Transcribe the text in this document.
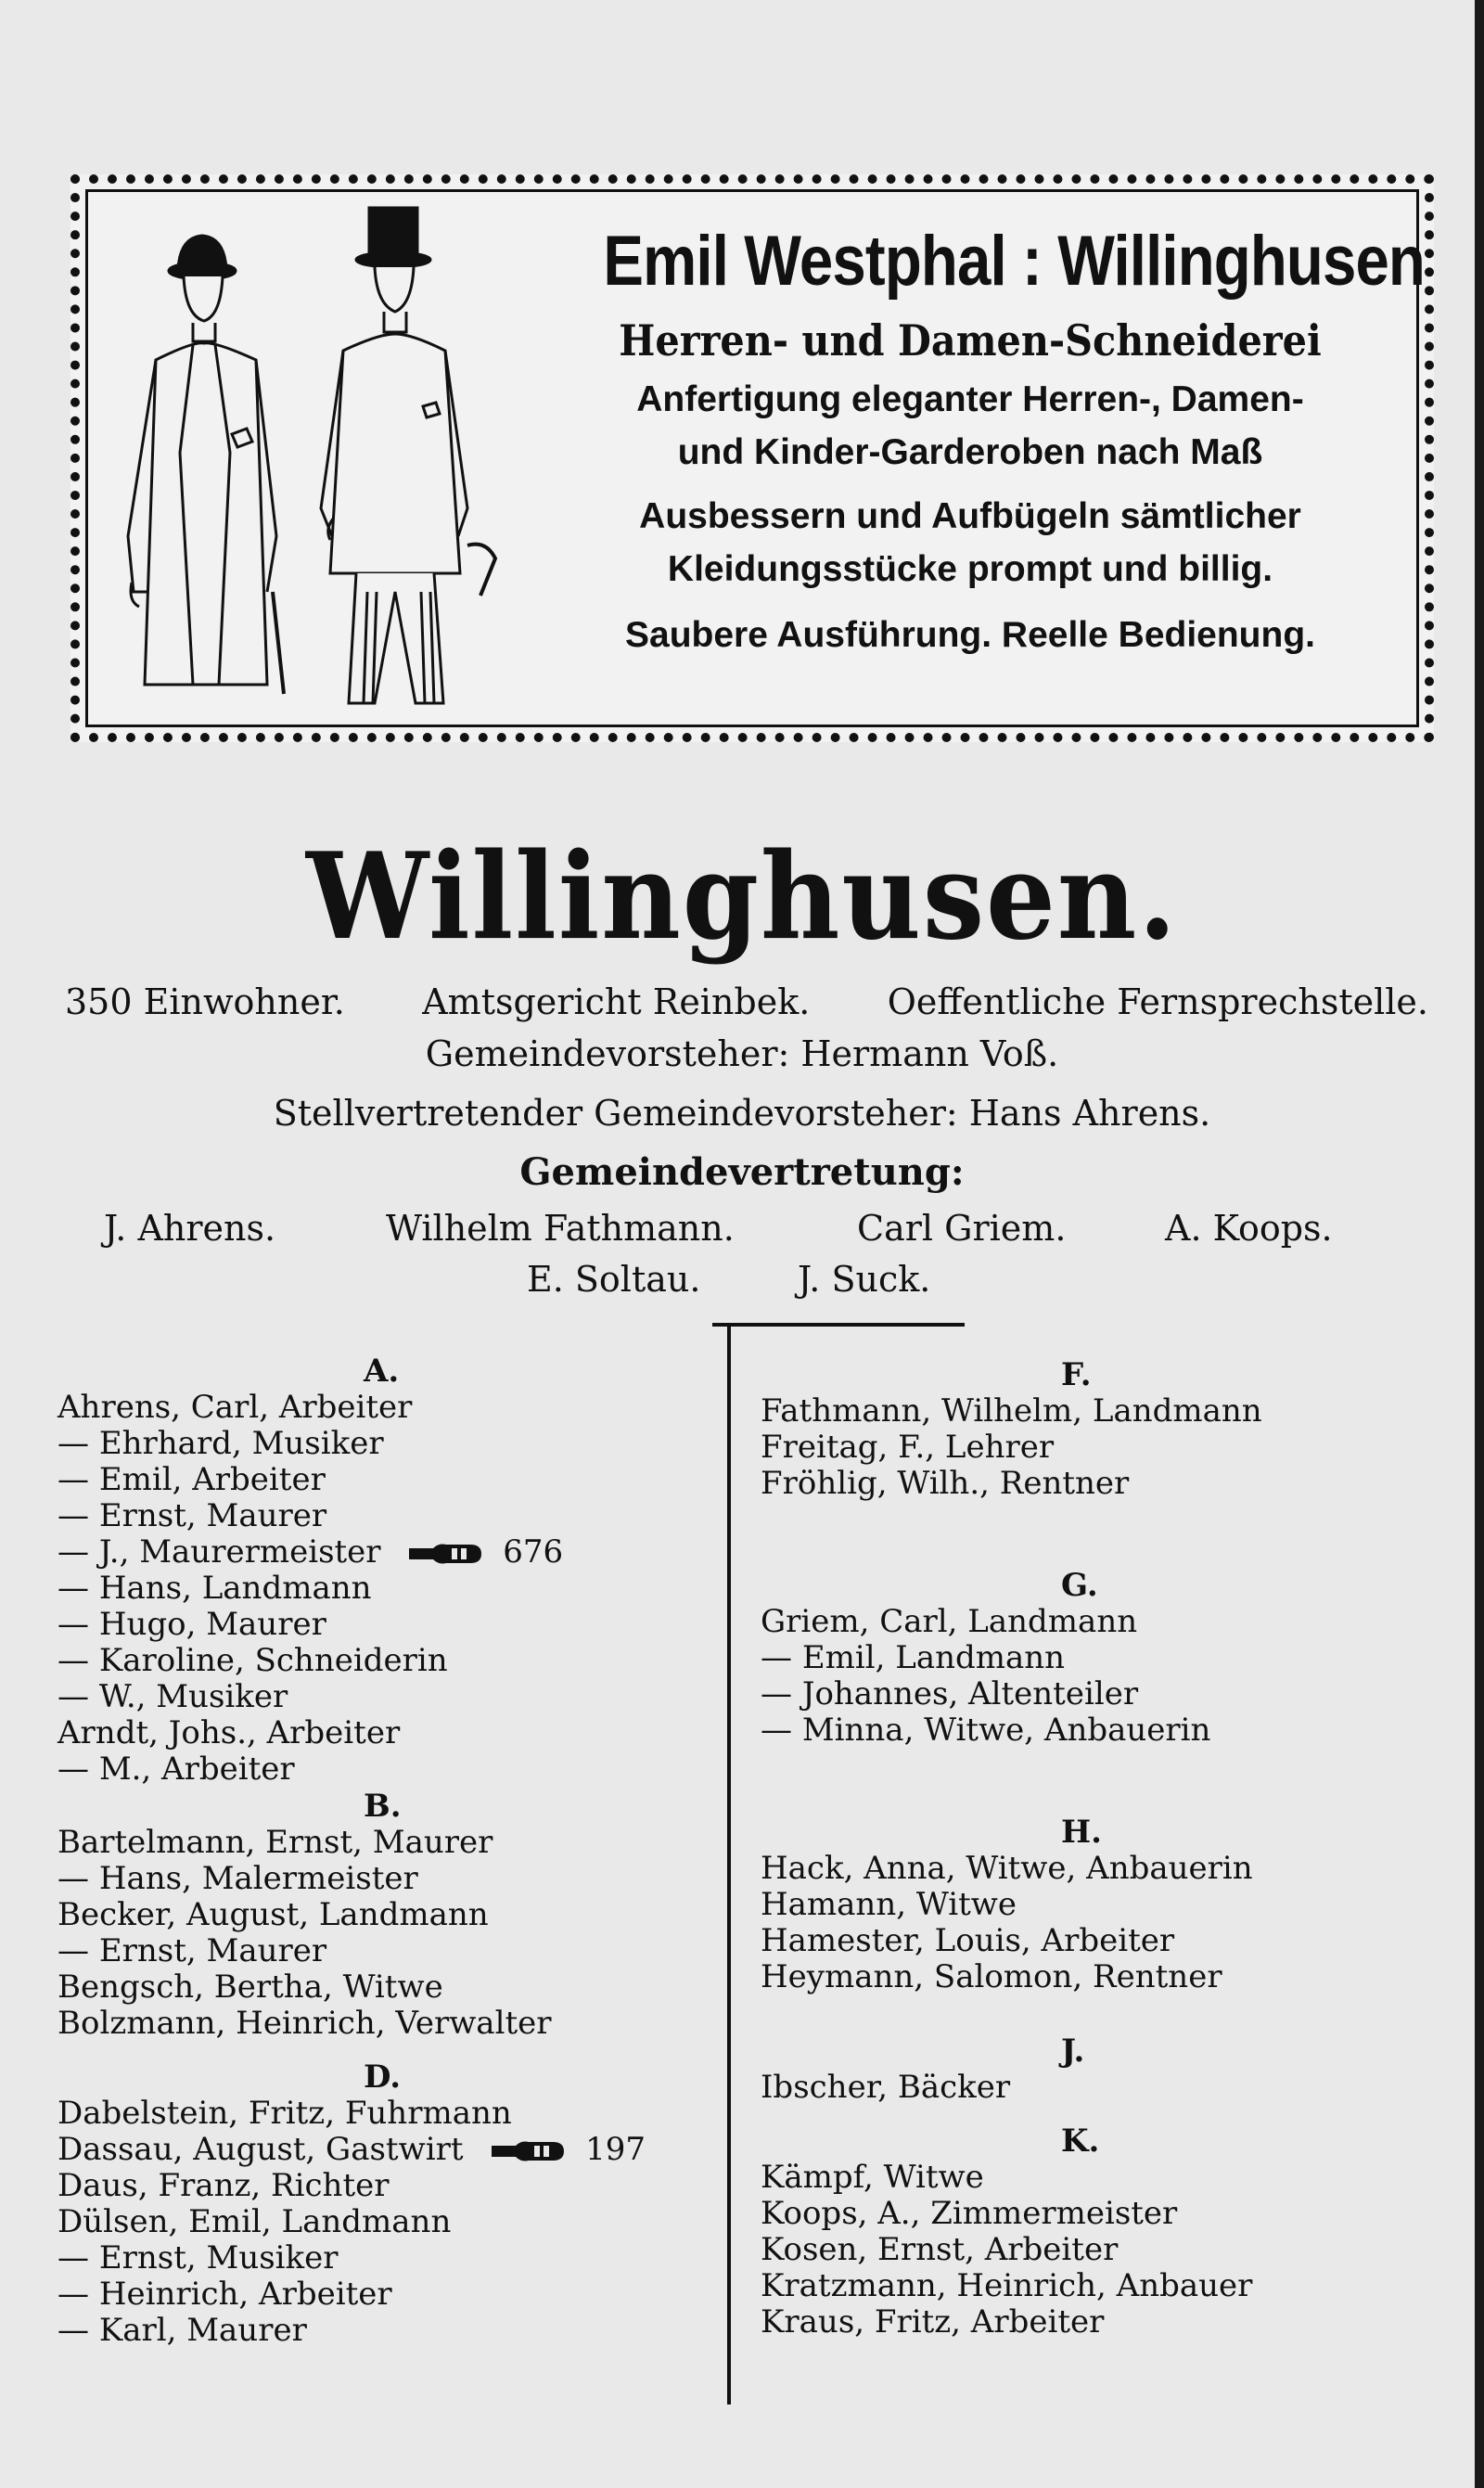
Emil Westphal : Willinghusen
Herren- und Damen-Schneiderei
Anfertigung eleganter Herren-, Damen-
und Kinder-Garderoben nach Maß
Ausbessern und Aufbügeln sämtlicher
Kleidungsstücke prompt und billig.
Saubere Ausführung. Reelle Bedienung.
Willinghusen.
350 Einwohner. Amtsgericht Reinbek. Oeffentliche Fernsprechstelle.
Gemeindevorsteher: Hermann Voß.
Stellvertretender Gemeindevorsteher: Hans Ahrens.
Gemeindevertretung:
J. Ahrens.	Wilhelm Fathmann.	Carl Griem.	A. Koops.
E. Soltau.	J. Suck.
A.
Ahrens, Carl, Arbeiter
— Ehrhard, Musiker
— Emil, Arbeiter
— Ernst, Maurer
— J., Maurermeister	676
— Hans, Landmann
— Hugo, Maurer
— Karoline, Schneiderin
— W., Musiker
Arndt, Johs., Arbeiter
— M., Arbeiter
B.
Bartelmann, Ernst, Maurer
— Hans, Malermeister
Becker, August, Landmann
— Ernst, Maurer
Bengsch, Bertha, Witwe
Bolzmann, Heinrich, Verwalter
D.
Dabelstein, Fritz, Fuhrmann
Dassau, August, Gastwirt	197
Daus, Franz, Richter
Dülsen, Emil, Landmann
— Ernst, Musiker
— Heinrich, Arbeiter
— Karl, Maurer
F.
Fathmann, Wilhelm, Landmann
Freitag, F., Lehrer
Fröhlig, Wilh., Rentner
G.
Griem, Carl, Landmann
— Emil, Landmann
— Johannes, Altenteiler
— Minna, Witwe, Anbauerin
H.
Hack, Anna, Witwe, Anbauerin
Hamann, Witwe
Hamester, Louis, Arbeiter
Heymann, Salomon, Rentner
J.
Ibscher, Bäcker
K.
Kämpf, Witwe
Koops, A., Zimmermeister
Kosen, Ernst, Arbeiter
Kratzmann, Heinrich, Anbauer
Kraus, Fritz, Arbeiter
